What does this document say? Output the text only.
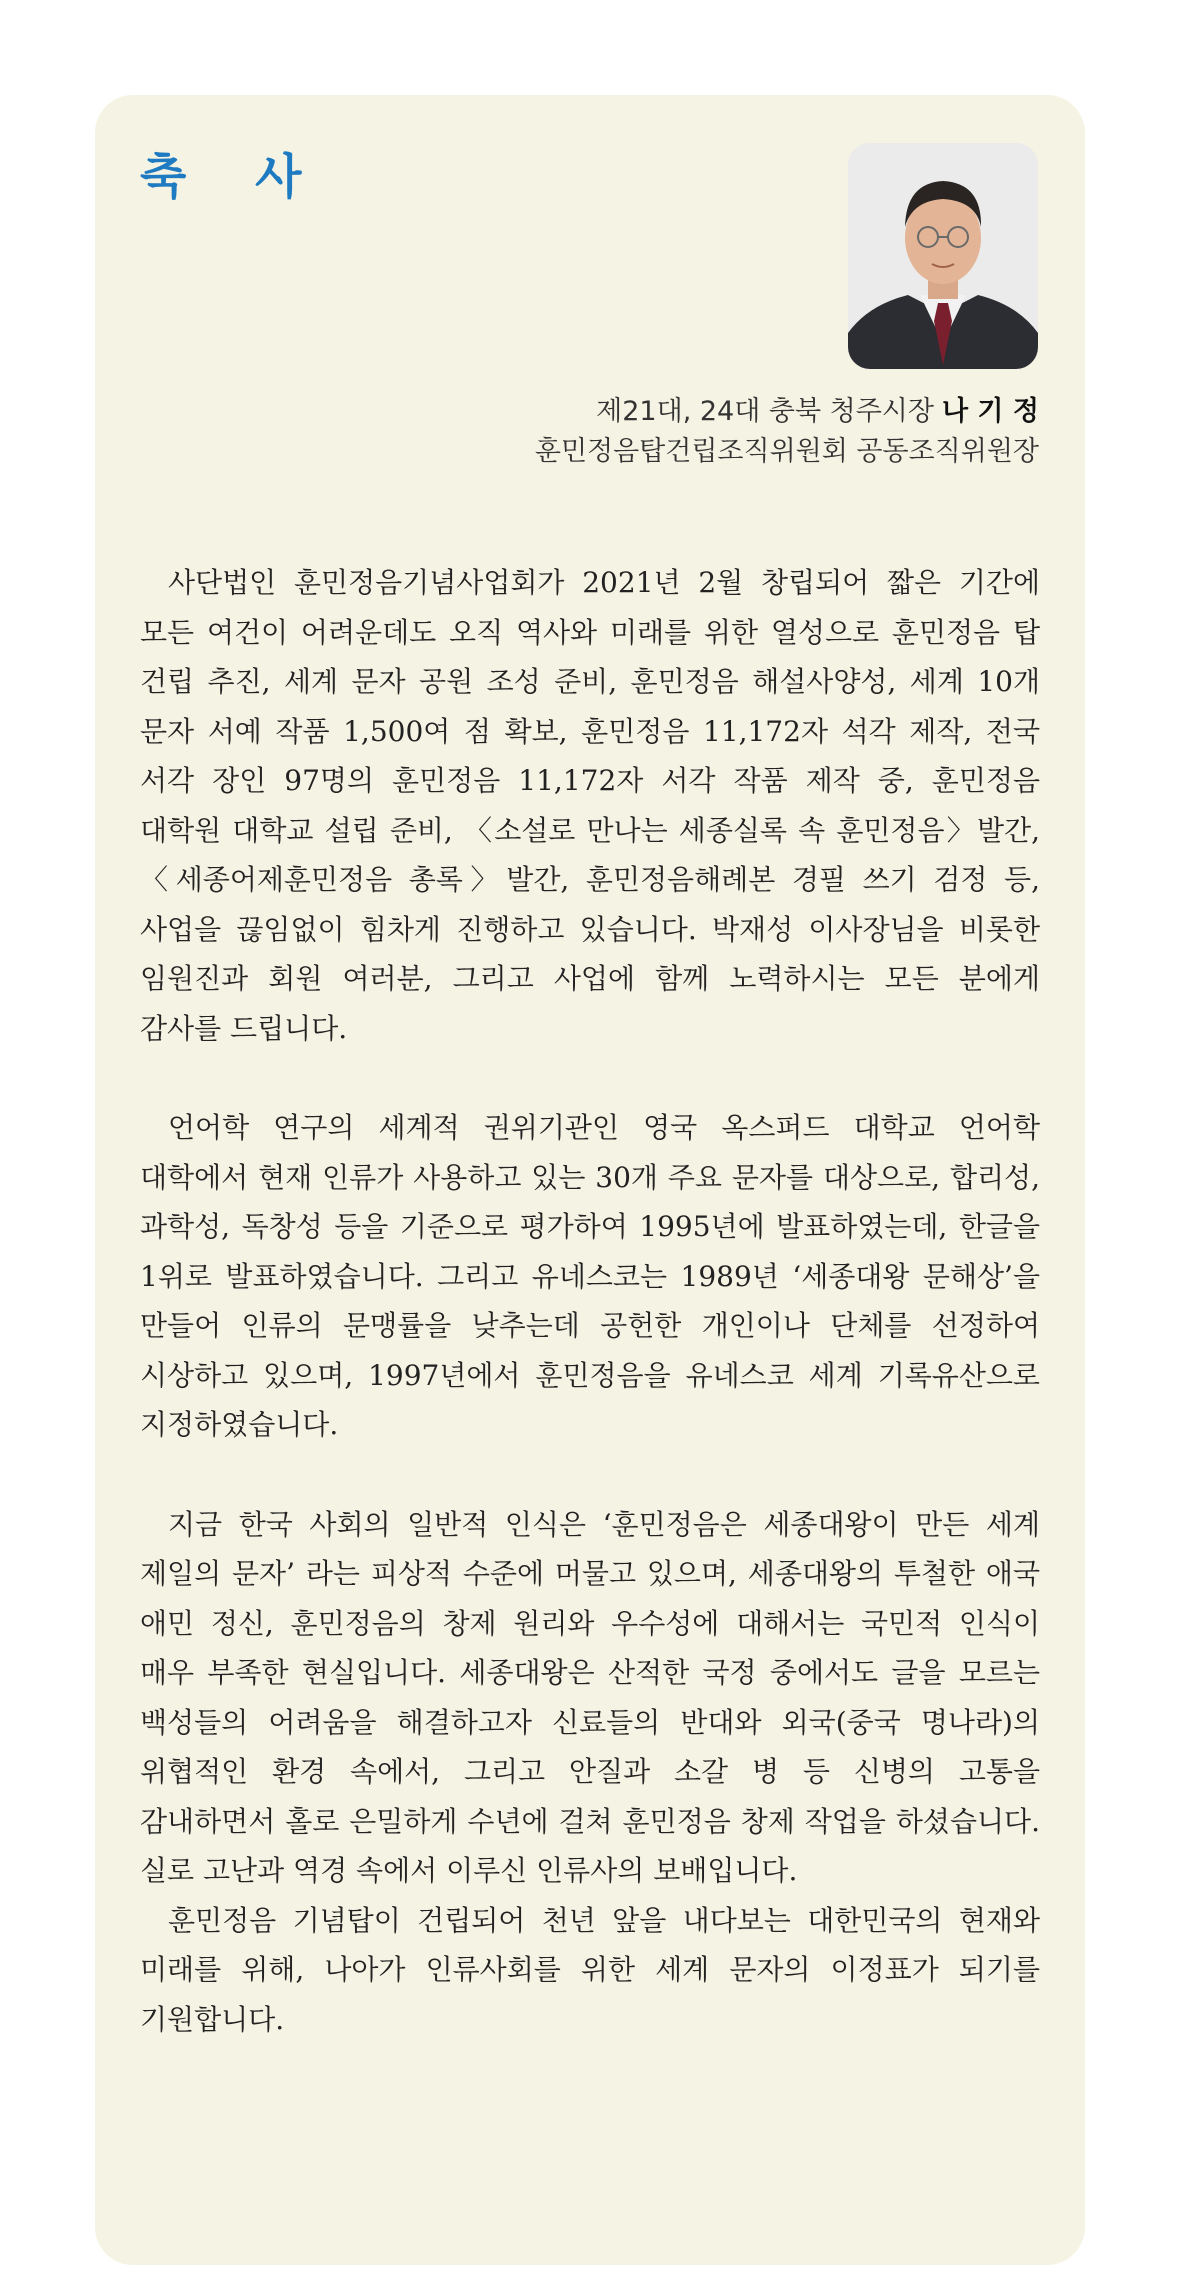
축 사
제21대, 24대 충북 청주시장 나 기 정
훈민정음탑건립조직위원회 공동조직위원장

사단법인 훈민정음기념사업회가 2021년 2월 창립되어 짧은 기간에 모든 여건이 어려운데도 오직 역사와 미래를 위한 열성으로 훈민정음 탑 건립 추진, 세계 문자 공원 조성 준비, 훈민정음 해설사양성, 세계 10개 문자 서예 작품 1,500여 점 확보, 훈민정음 11,172자 석각 제작, 전국 서각 장인 97명의 훈민정음 11,172자 서각 작품 제작 중, 훈민정음 대학원 대학교 설립 준비, 〈소설로 만나는 세종실록 속 훈민정음〉발간, 〈세종어제훈민정음 총록〉발간, 훈민정음해례본 경필 쓰기 검정 등, 사업을 끊임없이 힘차게 진행하고 있습니다. 박재성 이사장님을 비롯한 임원진과 회원 여러분, 그리고 사업에 함께 노력하시는 모든 분에게 감사를 드립니다.

언어학 연구의 세계적 권위기관인 영국 옥스퍼드 대학교 언어학 대학에서 현재 인류가 사용하고 있는 30개 주요 문자를 대상으로, 합리성, 과학성, 독창성 등을 기준으로 평가하여 1995년에 발표하였는데, 한글을 1위로 발표하였습니다. 그리고 유네스코는 1989년 ‘세종대왕 문해상’을 만들어 인류의 문맹률을 낮추는데 공헌한 개인이나 단체를 선정하여 시상하고 있으며, 1997년에서 훈민정음을 유네스코 세계 기록유산으로 지정하였습니다.

지금 한국 사회의 일반적 인식은 ‘훈민정음은 세종대왕이 만든 세계 제일의 문자’ 라는 피상적 수준에 머물고 있으며, 세종대왕의 투철한 애국 애민 정신, 훈민정음의 창제 원리와 우수성에 대해서는 국민적 인식이 매우 부족한 현실입니다. 세종대왕은 산적한 국정 중에서도 글을 모르는 백성들의 어려움을 해결하고자 신료들의 반대와 외국(중국 명나라)의 위협적인 환경 속에서, 그리고 안질과 소갈 병 등 신병의 고통을 감내하면서 홀로 은밀하게 수년에 걸쳐 훈민정음 창제 작업을 하셨습니다. 실로 고난과 역경 속에서 이루신 인류사의 보배입니다.

훈민정음 기념탑이 건립되어 천년 앞을 내다보는 대한민국의 현재와 미래를 위해, 나아가 인류사회를 위한 세계 문자의 이정표가 되기를 기원합니다.
